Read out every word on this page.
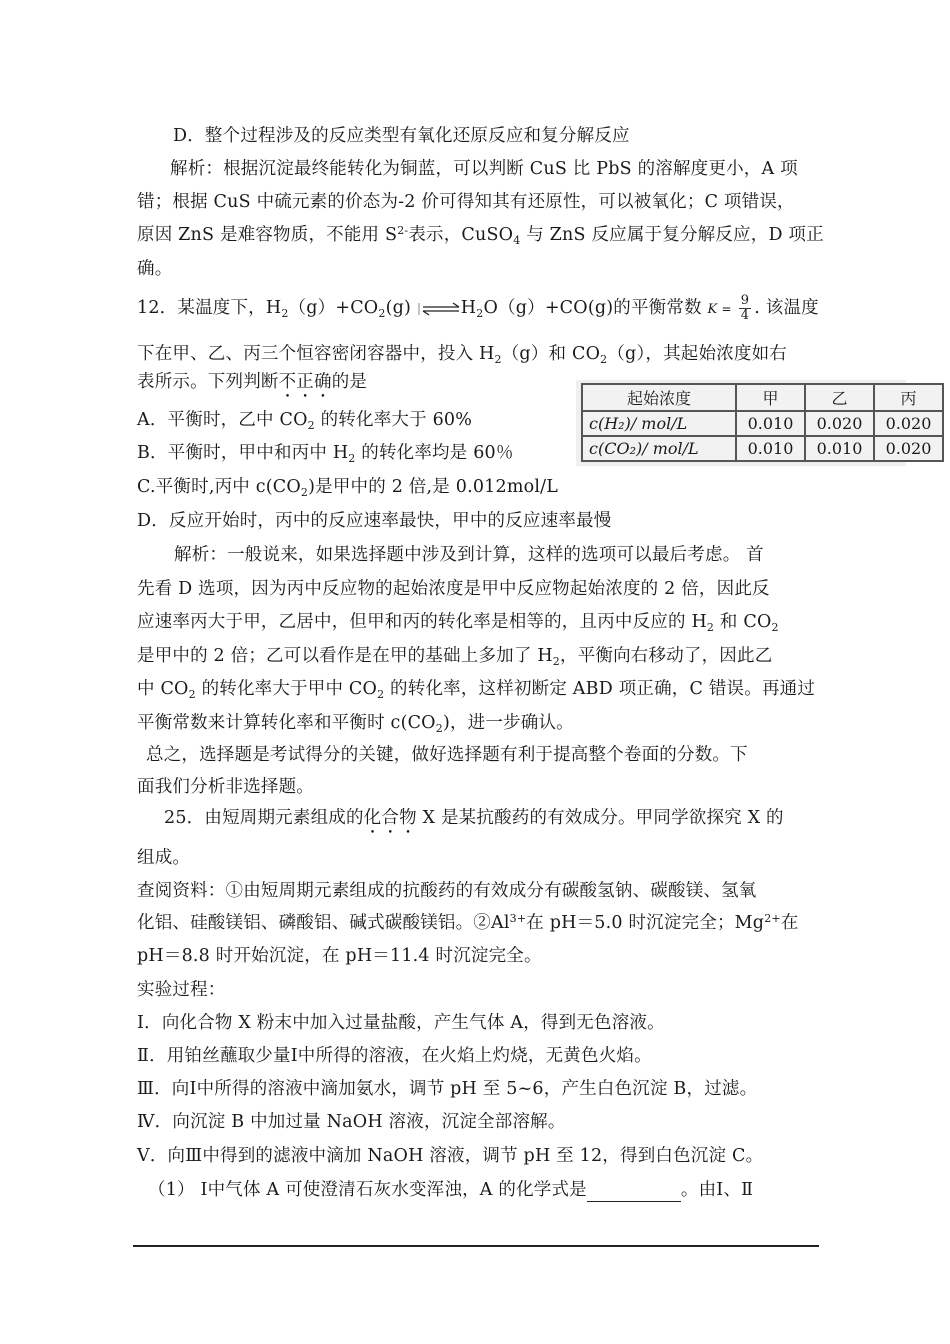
D．整个过程涉及的反应类型有氧化还原反应和复分解反应
解析：根据沉淀最终能转化为铜蓝，可以判断 CuS 比 PbS 的溶解度更小，A 项
错；根据 CuS 中硫元素的价态为-2 价可得知其有还原性，可以被氧化；C 项错误，
原因 ZnS 是难容物质，不能用 $S^{2-}$表示，CuSO$_4$ 与 ZnS 反应属于复分解反应，D 项正
确。
12．某温度下，$H_2(g)+CO_2(g)$ $\rightleftharpoons H_2O(g)+CO(g)$的平衡常数 $K = \frac{9}{4}$ . 该温度
下在甲、乙、丙三个恒容密闭容器中，投入 $H_2(g)$和 $CO_2(g)$，其起始浓度如右
表所示。下列判断不正确的是
起始浓度	甲	乙	丙
c(H₂)/ mol/L	0.010	0.020	0.020
c(CO₂)/ mol/L	0.010	0.010	0.020
A．平衡时，乙中 $CO_2$ 的转化率大于 60%
B．平衡时，甲中和丙中 $H_2$ 的转化率均是 60％
C.平衡时,丙中 $c(CO_2)$是甲中的 2 倍,是 0.012mol/L
D．反应开始时，丙中的反应速率最快，甲中的反应速率最慢
解析：一般说来，如果选择题中涉及到计算，这样的选项可以最后考虑。 首
先看 D 选项，因为丙中反应物的起始浓度是甲中反应物起始浓度的 2 倍，因此反
应速率丙大于甲，乙居中，但甲和丙的转化率是相等的，且丙中反应的 $H_2$ 和 $CO_2$
是甲中的 2 倍；乙可以看作是在甲的基础上多加了 $H_2$，平衡向右移动了，因此乙
中 $CO_2$ 的转化率大于甲中 $CO_2$ 的转化率，这样初断定 ABD 项正确，C 错误。再通过
平衡常数来计算转化率和平衡时 $c(CO_2)$，进一步确认。
总之，选择题是考试得分的关键，做好选择题有利于提高整个卷面的分数。下
面我们分析非选择题。
25．由短周期元素组成的化合物 X 是某抗酸药的有效成分。甲同学欲探究 X 的
组成。
查阅资料：①由短周期元素组成的抗酸药的有效成分有碳酸氢钠、碳酸镁、氢氧
化铝、硅酸镁铝、磷酸铝、碱式碳酸镁铝。$②Al^{3+}$在 pH＝5.0 时沉淀完全；$Mg^{2+}$在
pH＝8.8 时开始沉淀，在 pH＝11.4 时沉淀完全。
实验过程：
Ⅰ．向化合物 X 粉末中加入过量盐酸，产生气体 A，得到无色溶液。
Ⅱ．用铂丝蘸取少量Ⅰ中所得的溶液，在火焰上灼烧，无黄色火焰。
Ⅲ．向Ⅰ中所得的溶液中滴加氨水，调节 pH 至 5~6，产生白色沉淀 B，过滤。
Ⅳ．向沉淀 B 中加过量 NaOH 溶液，沉淀全部溶解。
Ⅴ．向Ⅲ中得到的滤液中滴加 NaOH 溶液，调节 pH 至 12，得到白色沉淀 C。
（1） Ⅰ中气体 A 可使澄清石灰水变浑浊，A 的化学式是	。由Ⅰ、Ⅱ
